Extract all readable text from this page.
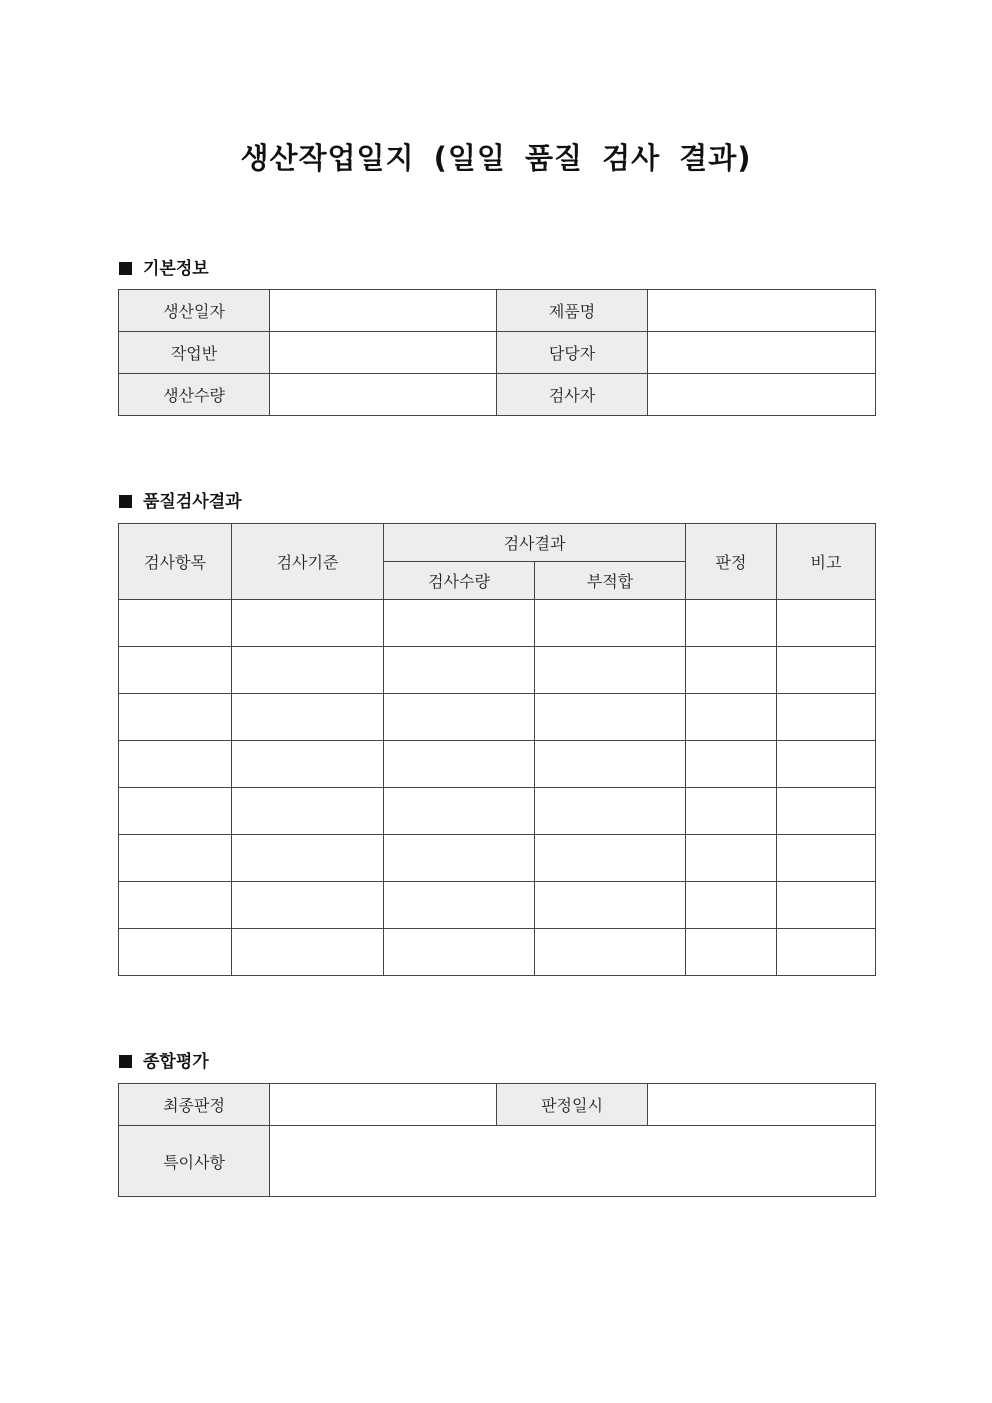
생산작업일지 (일일 품질 검사 결과)
기본정보
생산일자		제품명	
작업반		담당자	
생산수량		검사자	
품질검사결과
검사항목	검사기준	검사결과		판정	비고
		검사수량	부적합		

종합평가
최종판정		판정일시	
특이사항			
